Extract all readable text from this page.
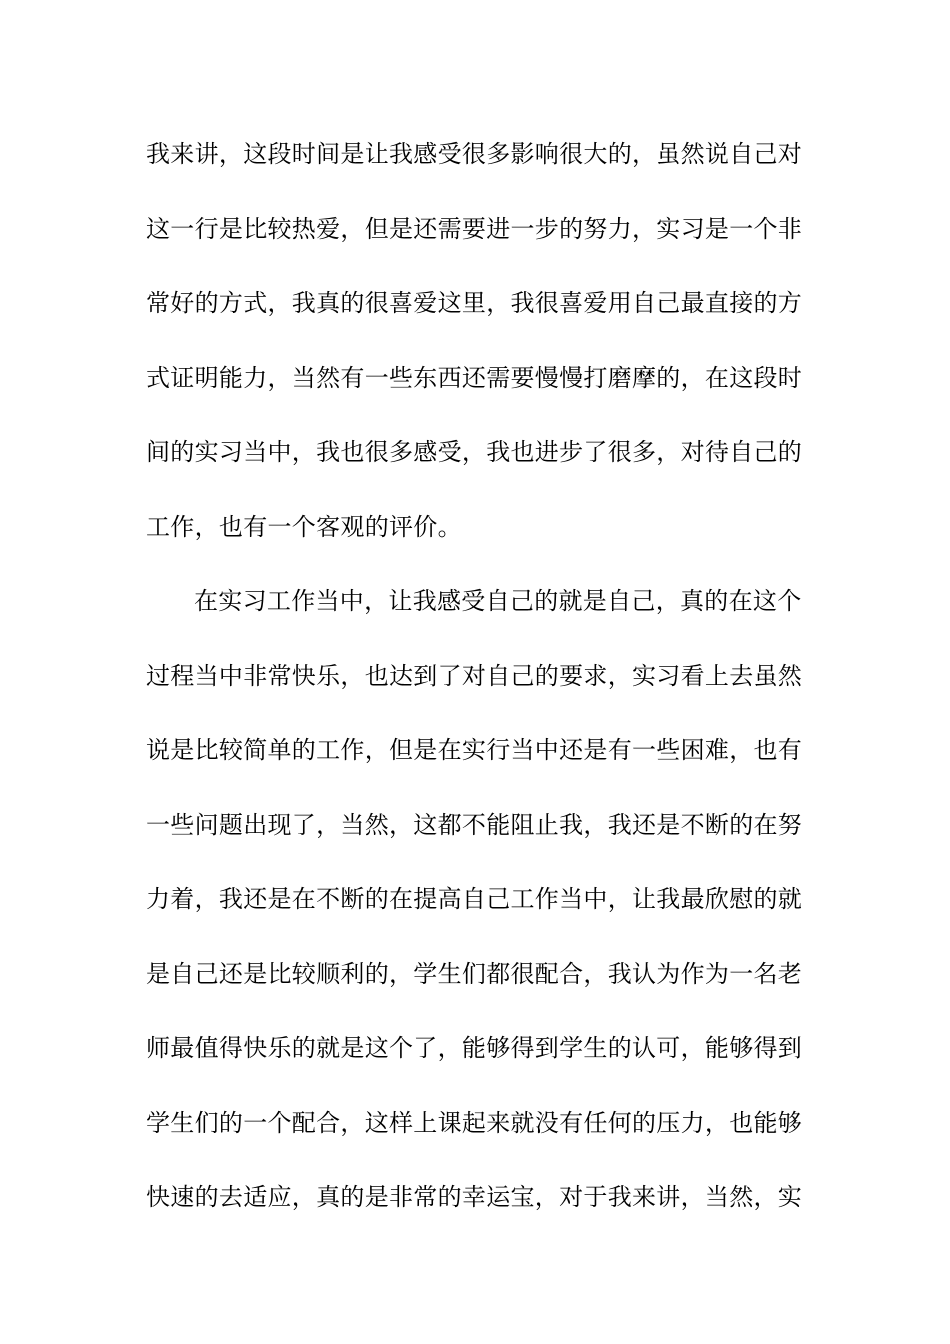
我来讲，这段时间是让我感受很多影响很大的，虽然说自己对
这一行是比较热爱，但是还需要进一步的努力，实习是一个非
常好的方式，我真的很喜爱这里，我很喜爱用自己最直接的方
式证明能力，当然有一些东西还需要慢慢打磨摩的，在这段时
间的实习当中，我也很多感受，我也进步了很多，对待自己的
工作，也有一个客观的评价。
在实习工作当中，让我感受自己的就是自己，真的在这个
过程当中非常快乐，也达到了对自己的要求，实习看上去虽然
说是比较简单的工作，但是在实行当中还是有一些困难，也有
一些问题出现了，当然，这都不能阻止我，我还是不断的在努
力着，我还是在不断的在提高自己工作当中，让我最欣慰的就
是自己还是比较顺利的，学生们都很配合，我认为作为一名老
师最值得快乐的就是这个了，能够得到学生的认可，能够得到
学生们的一个配合，这样上课起来就没有任何的压力，也能够
快速的去适应，真的是非常的幸运宝，对于我来讲，当然，实
